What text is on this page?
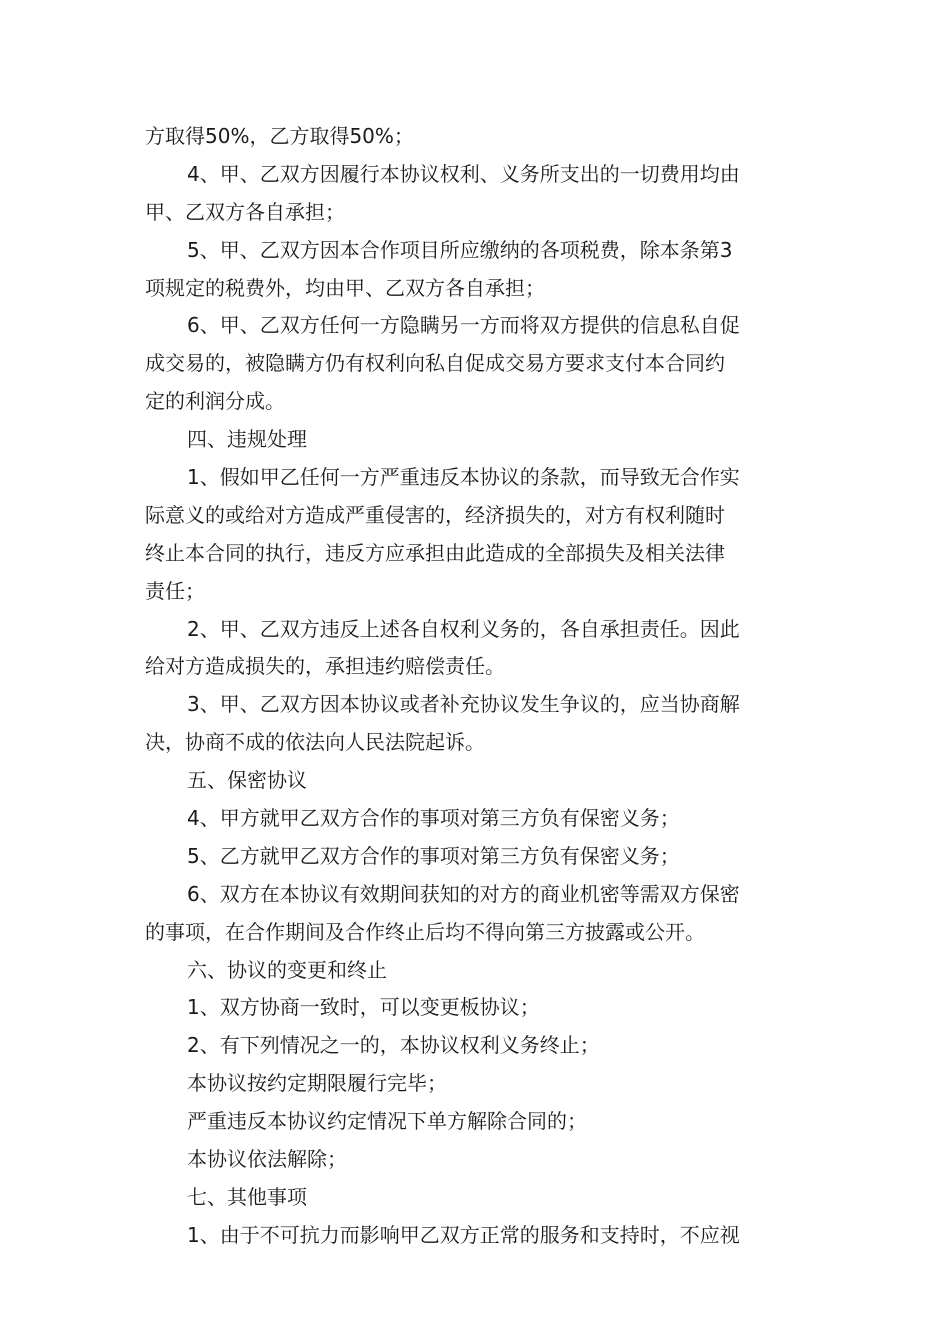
方取得50%，乙方取得50%；
4、甲、乙双方因履行本协议权利、义务所支出的一切费用均由
甲、乙双方各自承担；
5、甲、乙双方因本合作项目所应缴纳的各项税费，除本条第3
项规定的税费外，均由甲、乙双方各自承担；
6、甲、乙双方任何一方隐瞒另一方而将双方提供的信息私自促
成交易的，被隐瞒方仍有权利向私自促成交易方要求支付本合同约
定的利润分成。
四、违规处理
1、假如甲乙任何一方严重违反本协议的条款，而导致无合作实
际意义的或给对方造成严重侵害的，经济损失的，对方有权利随时
终止本合同的执行，违反方应承担由此造成的全部损失及相关法律
责任；
2、甲、乙双方违反上述各自权利义务的，各自承担责任。因此
给对方造成损失的，承担违约赔偿责任。
3、甲、乙双方因本协议或者补充协议发生争议的，应当协商解
决，协商不成的依法向人民法院起诉。
五、保密协议
4、甲方就甲乙双方合作的事项对第三方负有保密义务；
5、乙方就甲乙双方合作的事项对第三方负有保密义务；
6、双方在本协议有效期间获知的对方的商业机密等需双方保密
的事项，在合作期间及合作终止后均不得向第三方披露或公开。
六、协议的变更和终止
1、双方协商一致时，可以变更板协议；
2、有下列情况之一的，本协议权利义务终止；
本协议按约定期限履行完毕；
严重违反本协议约定情况下单方解除合同的；
本协议依法解除；
七、其他事项
1、由于不可抗力而影响甲乙双方正常的服务和支持时，不应视
